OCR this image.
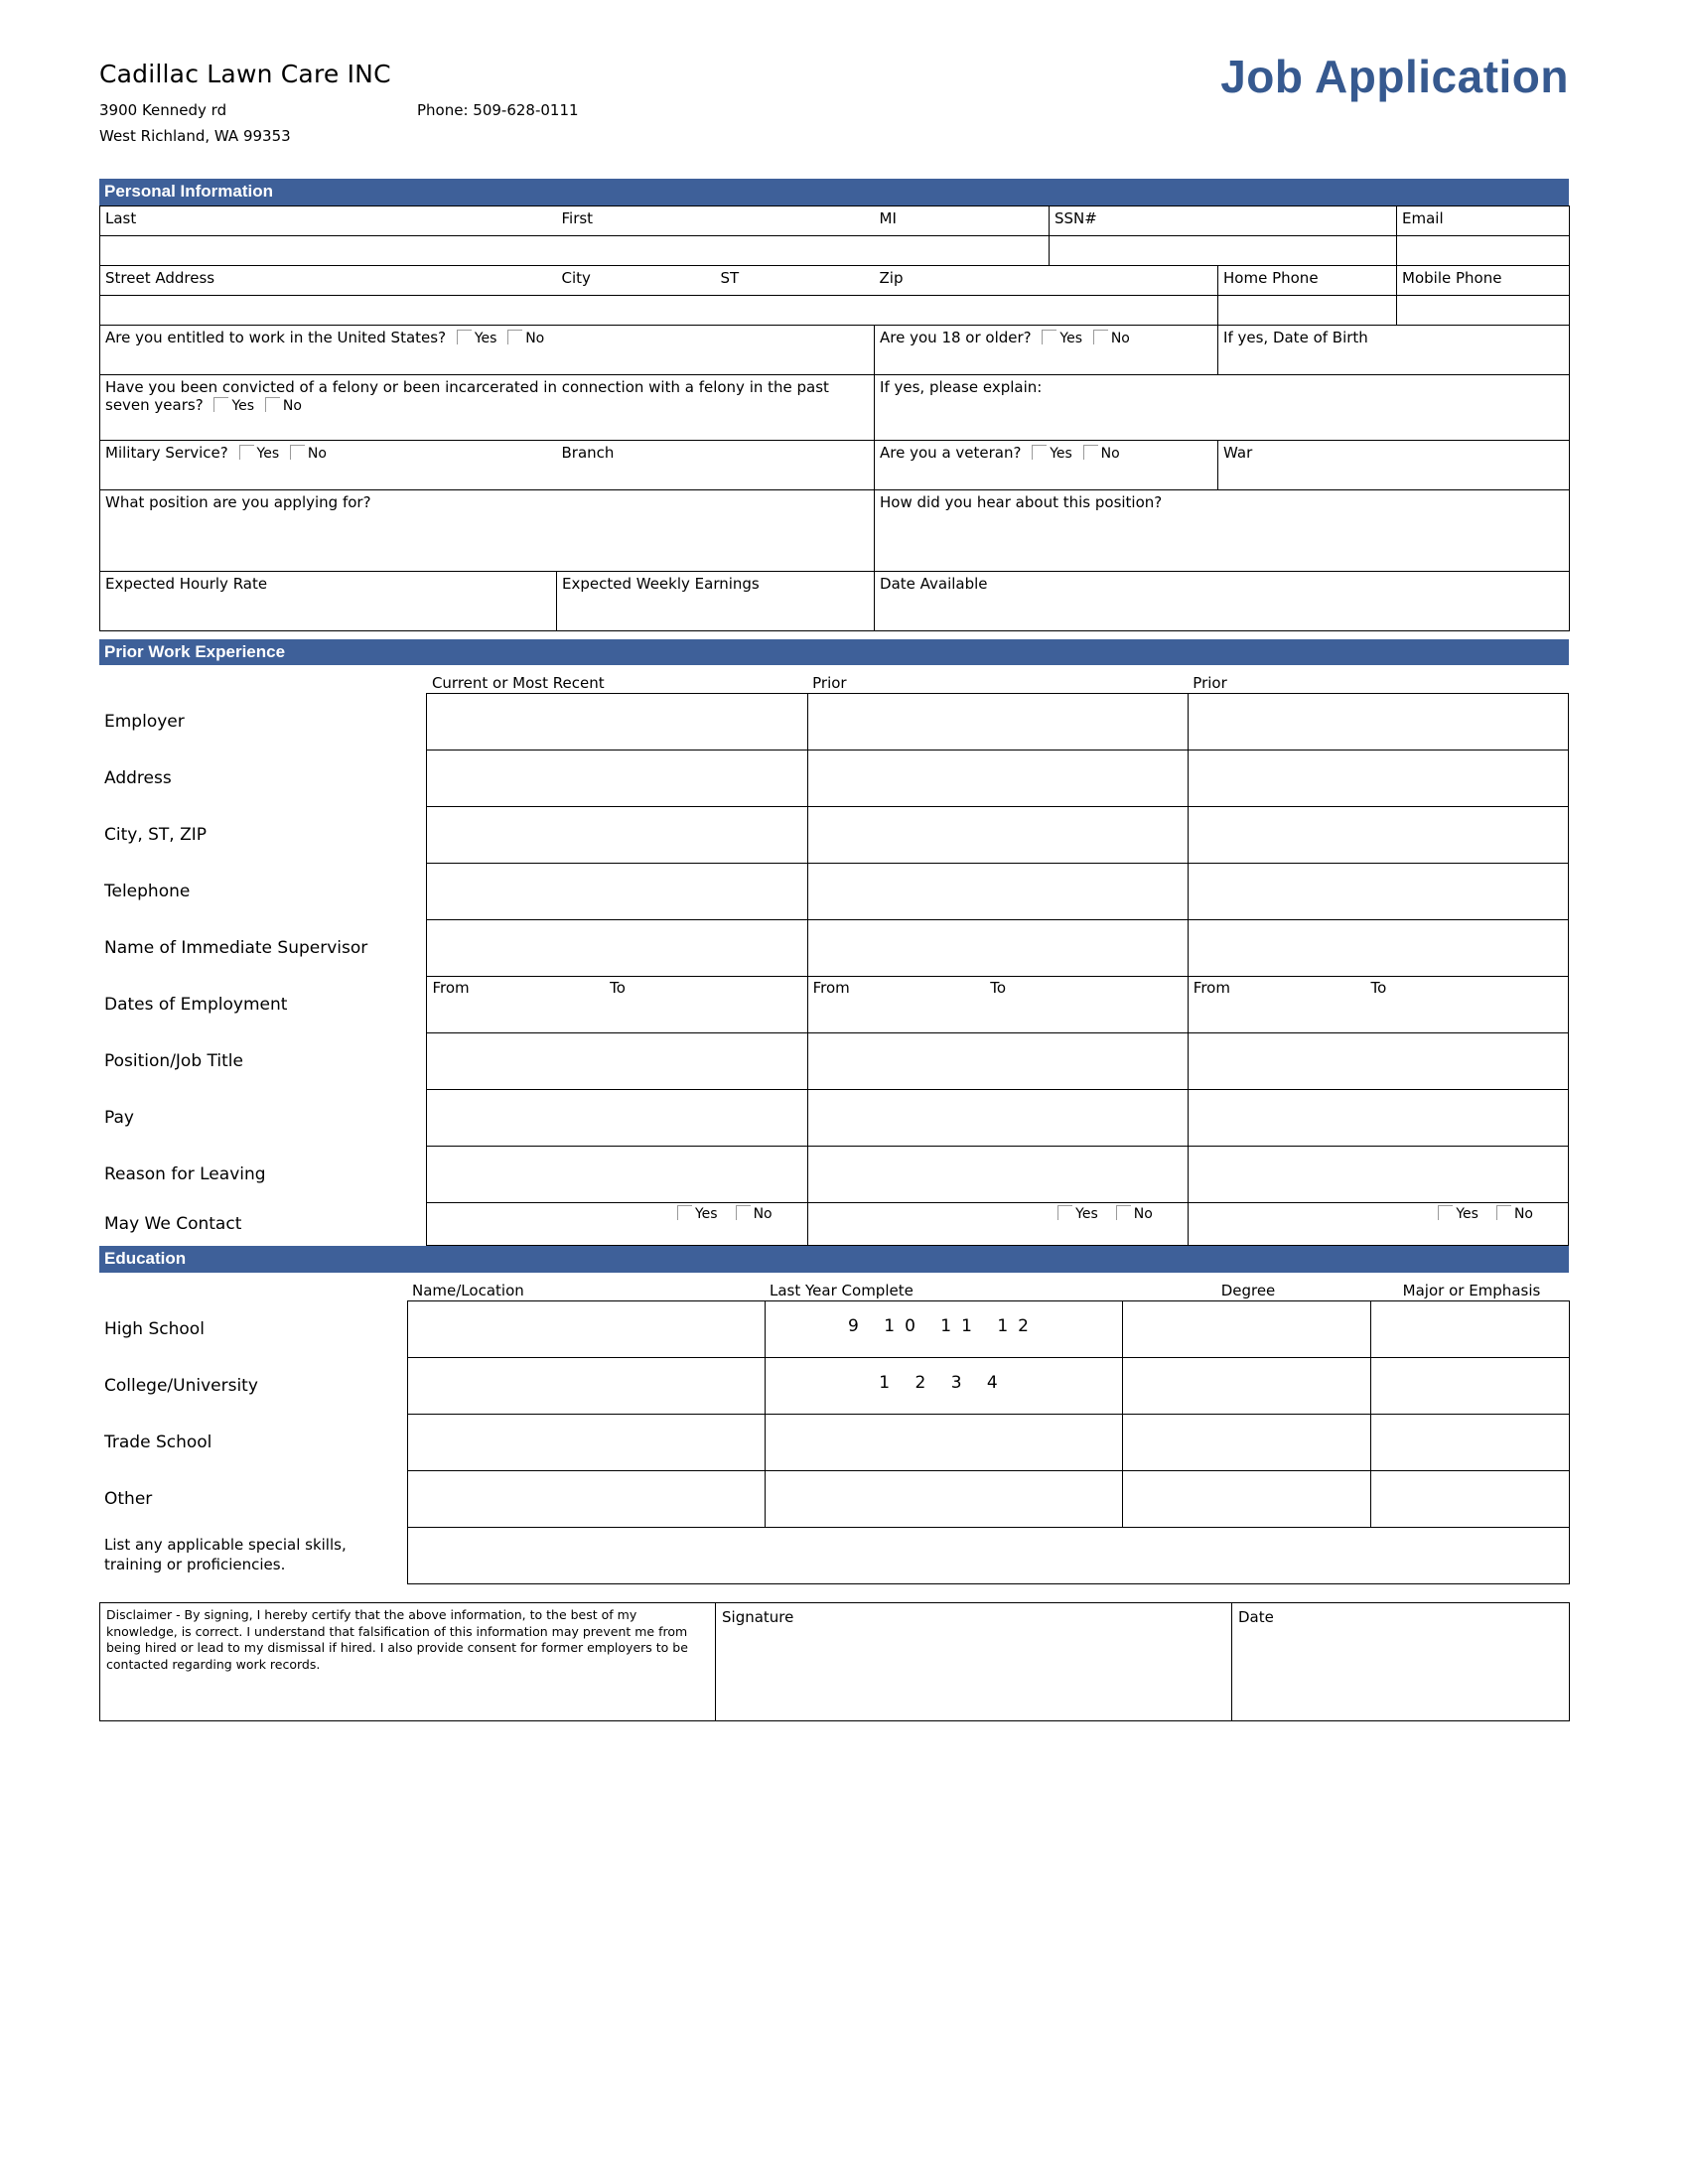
Cadillac Lawn Care INC
3900 Kennedy rd
West Richland, WA 99353
Phone: 509-628-0111
Job Application
Personal Information
Last	First		MI	SSN#		Email

Street Address	City	ST	Zip		Home Phone	Mobile Phone

Are you entitled to work in the United States? Yes No			Are you 18 or older? Yes No		If yes, Date of Birth	
Have you been convicted of a felony or been incarcerated in connection with a felony in the past seven years? Yes No			If yes, please explain:			
Military Service? Yes No	Branch		Are you a veteran? Yes No		War	
What position are you applying for?			How did you hear about this position?			
Expected Hourly Rate	Expected Weekly Earnings		Date Available			
Prior Work Experience
	Current or Most Recent	Prior	Prior
Employer			
Address			
City, ST, ZIP			
Telephone			
Name of Immediate Supervisor			
Dates of Employment	From To	From To	From To

Position/Job Title			
Pay			
Reason for Leaving			
May We Contact	Yes No	Yes No	Yes No
Education
	Name/Location	Last Year Complete	Degree	Major or Emphasis
High School		9 10 11 12		

College/University		1 2 3 4		

Trade School				
Other				
List any applicable special skills, training or proficiencies.				
Disclaimer - By signing, I hereby certify that the above information, to the best of my knowledge, is correct. I understand that falsification of this information may prevent me from being hired or lead to my dismissal if hired. I also provide consent for former employers to be contacted regarding work records.
	Signature	Date
